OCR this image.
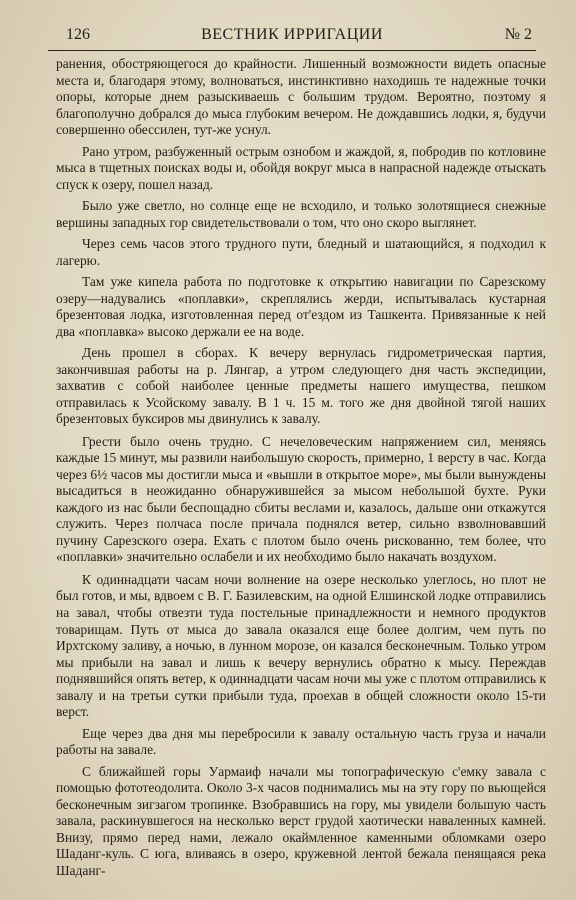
126	ВЕСТНИК ИРРИГАЦИИ	№ 2

ранения, обостряющегося до крайности. Лишенный возможности видеть опасные места и, благодаря этому, волноваться, инстинктивно находишь те надежные точки опоры, которые днем разыскиваешь с большим трудом. Вероятно, поэтому я благополучно добрался до мыса глубоким вечером. Не дождавшись лодки, я, будучи совершенно обессилен, тут-же уснул.

Рано утром, разбуженный острым ознобом и жаждой, я, побродив по котловине мыса в тщетных поисках воды и, обойдя вокруг мыса в напрасной надежде отыскать спуск к озеру, пошел назад.

Было уже светло, но солнце еще не всходило, и только золотящиеся снежные вершины западных гор свидетельствовали о том, что оно скоро выглянет.

Через семь часов этого трудного пути, бледный и шатающийся, я подходил к лагерю.

Там уже кипела работа по подготовке к открытию навигации по Сарезскому озеру—надувались «поплавки», скреплялись жерди, испытывалась кустарная брезентовая лодка, изготовленная перед от'ездом из Ташкента. Привязанные к ней два «поплавка» высоко держали ее на воде.

День прошел в сборах. К вечеру вернулась гидрометрическая партия, закончившая работы на р. Лянгар, а утром следующего дня часть экспедиции, захватив с собой наиболее ценные предметы нашего имущества, пешком отправилась к Усойскому завалу. В 1 ч. 15 м. того же дня двойной тягой наших брезентовых буксиров мы двинулись к завалу.

Грести было очень трудно. С нечеловеческим напряжением сил, меняясь каждые 15 минут, мы развили наибольшую скорость, примерно, 1 версту в час. Когда через 6½ часов мы достигли мыса и «вышли в открытое море», мы были вынуждены высадиться в неожиданно обнаружившейся за мысом небольшой бухте. Руки каждого из нас были беспощадно сбиты веслами и, казалось, дальше они откажутся служить. Через полчаса после причала поднялся ветер, сильно взволновавший пучину Сарезского озера. Ехать с плотом было очень рискованно, тем более, что «поплавки» значительно ослабели и их необходимо было накачать воздухом.

К одиннадцати часам ночи волнение на озере несколько улеглось, но плот не был готов, и мы, вдвоем с В. Г. Базилевским, на одной Елшинской лодке отправились на завал, чтобы отвезти туда постельные принадлежности и немного продуктов товарищам. Путь от мыса до завала оказался еще более долгим, чем путь по Ирхтскому заливу, а ночью, в лунном морозе, он казался бесконечным. Только утром мы прибыли на завал и лишь к вечеру вернулись обратно к мысу. Переждав поднявшийся опять ветер, к одиннадцати часам ночи мы уже с плотом отправились к завалу и на третьи сутки прибыли туда, проехав в общей сложности около 15-ти верст.

Еще через два дня мы перебросили к завалу остальную часть груза и начали работы на завале.

С ближайшей горы Уармаиф начали мы топографическую с'емку завала с помощью фототеодолита. Около 3-х часов поднимались мы на эту гору по вьющейся бесконечным зигзагом тропинке. Взобравшись на гору, мы увидели большую часть завала, раскинувшегося на несколько верст грудой хаотически наваленных камней. Внизу, прямо перед нами, лежало окаймленное каменными обломками озеро Шаданг-куль. С юга, вливаясь в озеро, кружевной лентой бежала пенящаяся река Шаданг-
